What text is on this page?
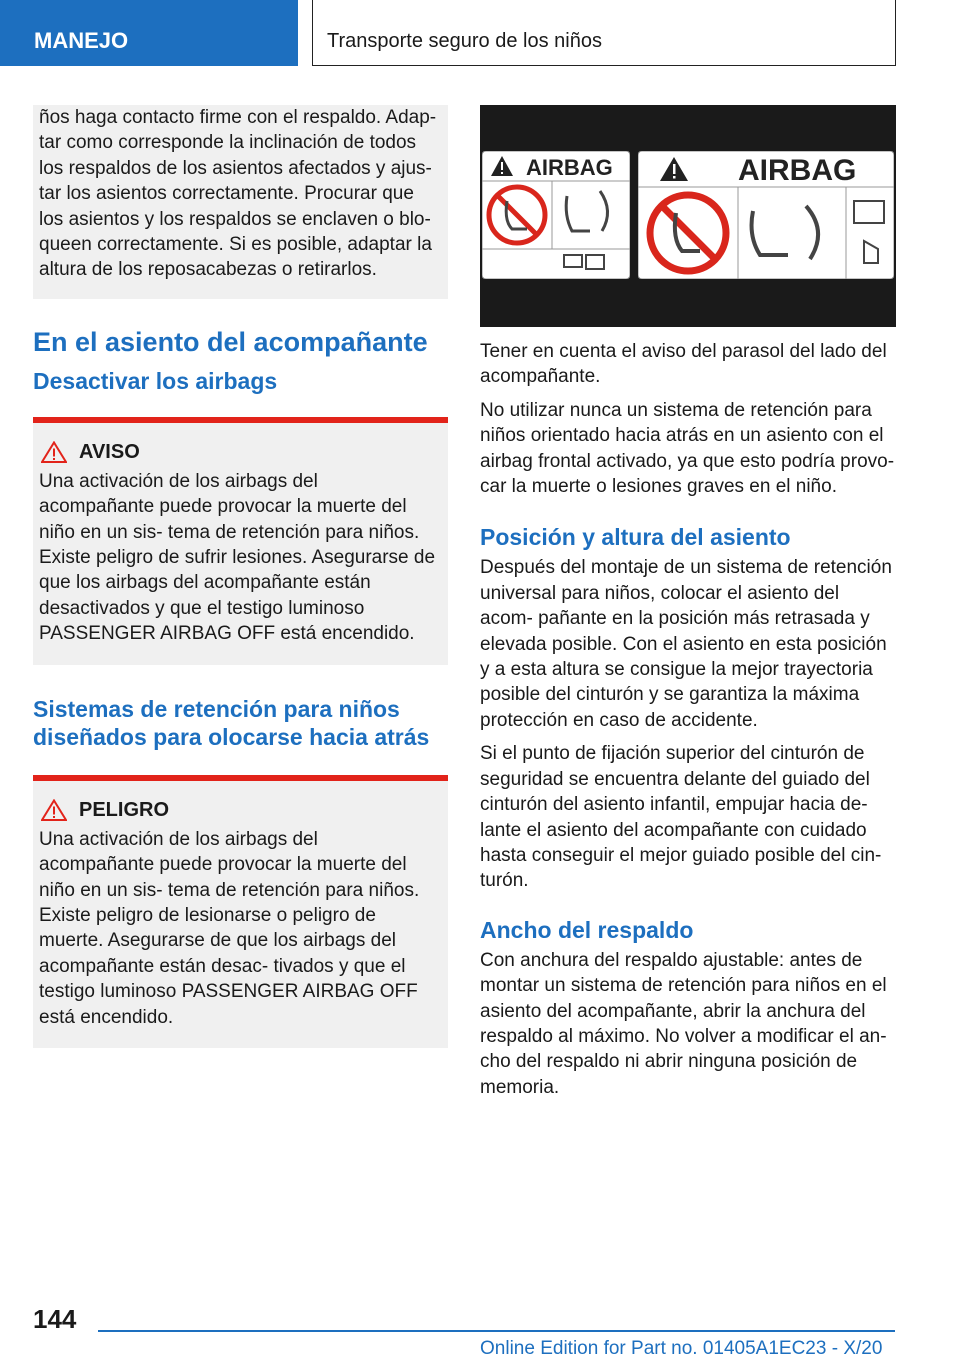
MANEJO	Transporte seguro de los niños

ños haga contacto firme con el respaldo. Adap‐ tar como corresponde la inclinación de todos los respaldos de los asientos afectados y ajus‐ tar los asientos correctamente. Procurar que los asientos y los respaldos se enclaven o blo‐ queen correctamente. Si es posible, adaptar la altura de los reposacabezas o retirarlos.

En el asiento del acompañante
Desactivar los airbags
AVISO
Una activación de los airbags del acompañante puede provocar la muerte del niño en un sis‐ tema de retención para niños. Existe peligro de sufrir lesiones. Asegurarse de que los airbags del acompañante están desactivados y que el testigo luminoso PASSENGER AIRBAG OFF está encendido.
Sistemas de retención para niños diseñados para olocarse hacia atrás
PELIGRO
Una activación de los airbags del acompañante puede provocar la muerte del niño en un sis‐ tema de retención para niños. Existe peligro de lesionarse o peligro de muerte. Asegurarse de que los airbags del acompañante están desac‐ tivados y que el testigo luminoso PASSENGER AIRBAG OFF está encendido.
AIRBAG	AIRBAG

Tener en cuenta el aviso del parasol del lado del acompañante.

No utilizar nunca un sistema de retención para niños orientado hacia atrás en un asiento con el airbag frontal activado, ya que esto podría provo‐ car la muerte o lesiones graves en el niño.

Posición y altura del asiento

Después del montaje de un sistema de retención universal para niños, colocar el asiento del acom‐ pañante en la posición más retrasada y elevada posible. Con el asiento en esta posición y a esta altura se consigue la mejor trayectoria posible del cinturón y se garantiza la máxima protección en caso de accidente.

Si el punto de fijación superior del cinturón de seguridad se encuentra delante del guiado del cinturón del asiento infantil, empujar hacia de‐ lante el asiento del acompañante con cuidado hasta conseguir el mejor guiado posible del cin‐ turón.

Ancho del respaldo

Con anchura del respaldo ajustable: antes de montar un sistema de retención para niños en el asiento del acompañante, abrir la anchura del respaldo al máximo. No volver a modificar el an‐ cho del respaldo ni abrir ninguna posición de memoria.

144
Online Edition for Part no. 01405A1EC23 - X/20
